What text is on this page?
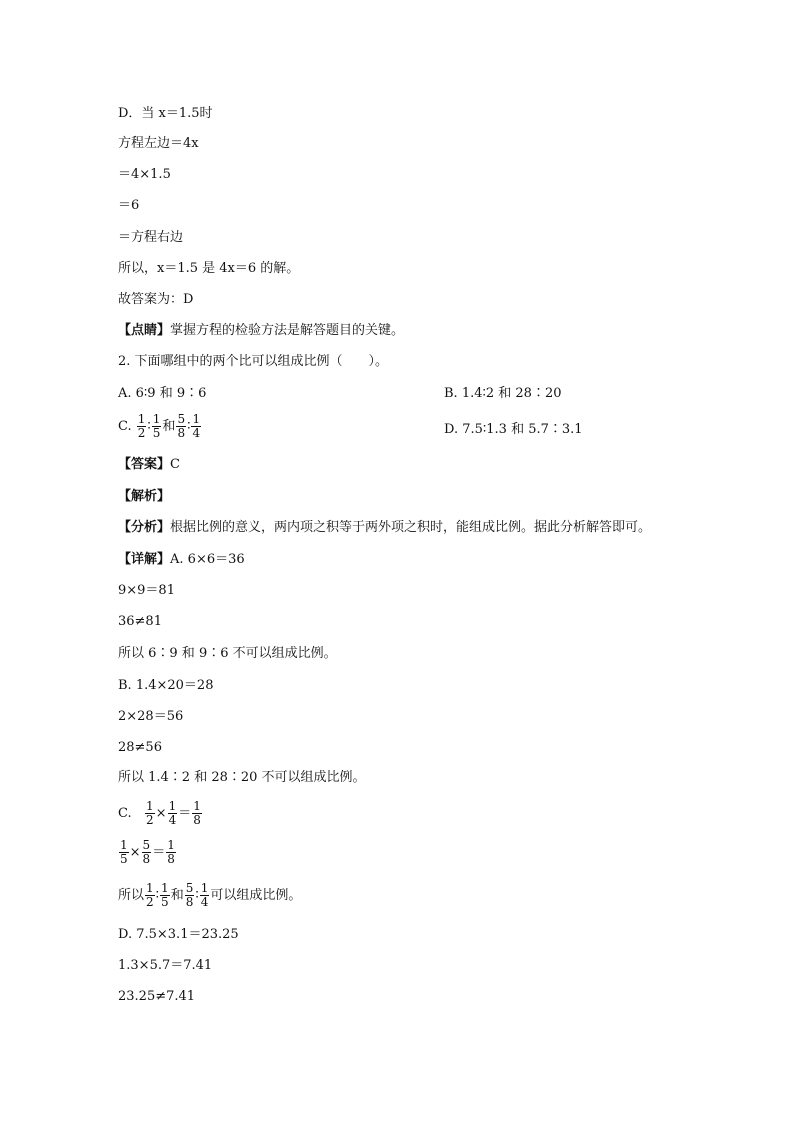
D．当 x＝1.5时
方程左边＝4x
＝4×1.5
＝6
＝方程右边
所以，x＝1.5 是 4x＝6 的解。
故答案为：D
【点睛】掌握方程的检验方法是解答题目的关键。
2. 下面哪组中的两个比可以组成比例（　　）。
A. 6∶9 和 9∶6	B. 1.4∶2 和 28∶20
C. $\frac{1}{2}$ ∶ $\frac{1}{5}$ 和 $\frac{5}{8}$ ∶ $\frac{1}{4}$	D. 7.5∶1.3 和 5.7∶3.1
【答案】C
【解析】
【分析】根据比例的意义，两内项之积等于两外项之积时，能组成比例。据此分析解答即可。
【详解】A. 6×6＝36
9×9＝81
36≠81
所以 6∶9 和 9∶6 不可以组成比例。
B. 1.4×20＝28
2×28＝56
28≠56
所以 1.4∶2 和 28∶20 不可以组成比例。
C. $\frac{1}{2} \times \frac{1}{4} = \frac{1}{8}$
$\frac{1}{5} \times \frac{5}{8} = \frac{1}{8}$
所以 $\frac{1}{2}$ ∶ $\frac{1}{5}$ 和 $\frac{5}{8}$ ∶ $\frac{1}{4}$ 可以组成比例。
D. 7.5×3.1＝23.25
1.3×5.7＝7.41
23.25≠7.41
